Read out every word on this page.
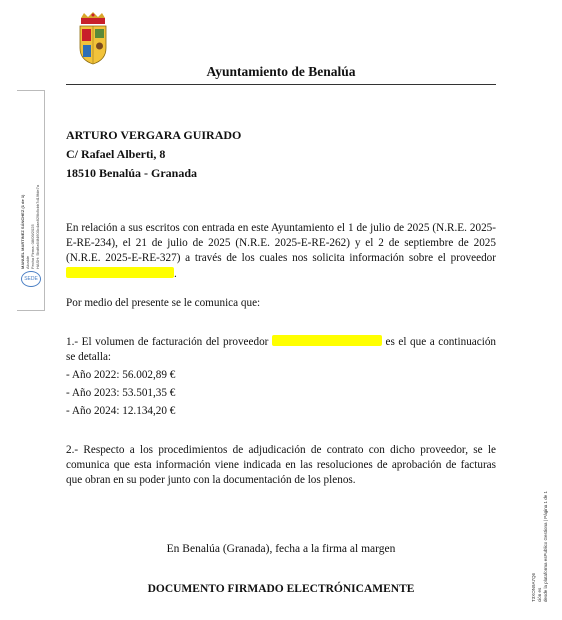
Ayuntamiento de Benalúa
MANUEL MARTINEZ SÁNCHEZ (1 de 1) Alcalde Fecha Firma: 08/09/2025 HASH: 5bd6a64f4600c4ae829b8cbb7d19fde7a
SEDE
T3XON9A7Q6 ción es desde la plataforma esPublico Gestiona | Página 1 de 1
ARTURO VERGARA GUIRADO
C/ Rafael Alberti, 8
18510 Benalúa - Granada
En relación a sus escritos con entrada en este Ayuntamiento el 1 de julio de 2025 (N.R.E. 2025-E-RE-234), el 21 de julio de 2025 (N.R.E. 2025-E-RE-262) y el 2 de septiembre de 2025 (N.R.E. 2025-E-RE-327) a través de los cuales nos solicita información sobre el proveedor .
Por medio del presente se le comunica que:
1.- El volumen de facturación del proveedor	es el que a continuación se detalla:
- Año 2022: 56.002,89 €
- Año 2023: 53.501,35 €
- Año 2024: 12.134,20 €
2.- Respecto a los procedimientos de adjudicación de contrato con dicho proveedor, se le comunica que esta información viene indicada en las resoluciones de aprobación de facturas que obran en su poder junto con la documentación de los plenos.
En Benalúa (Granada), fecha a la firma al margen
DOCUMENTO FIRMADO ELECTRÓNICAMENTE
